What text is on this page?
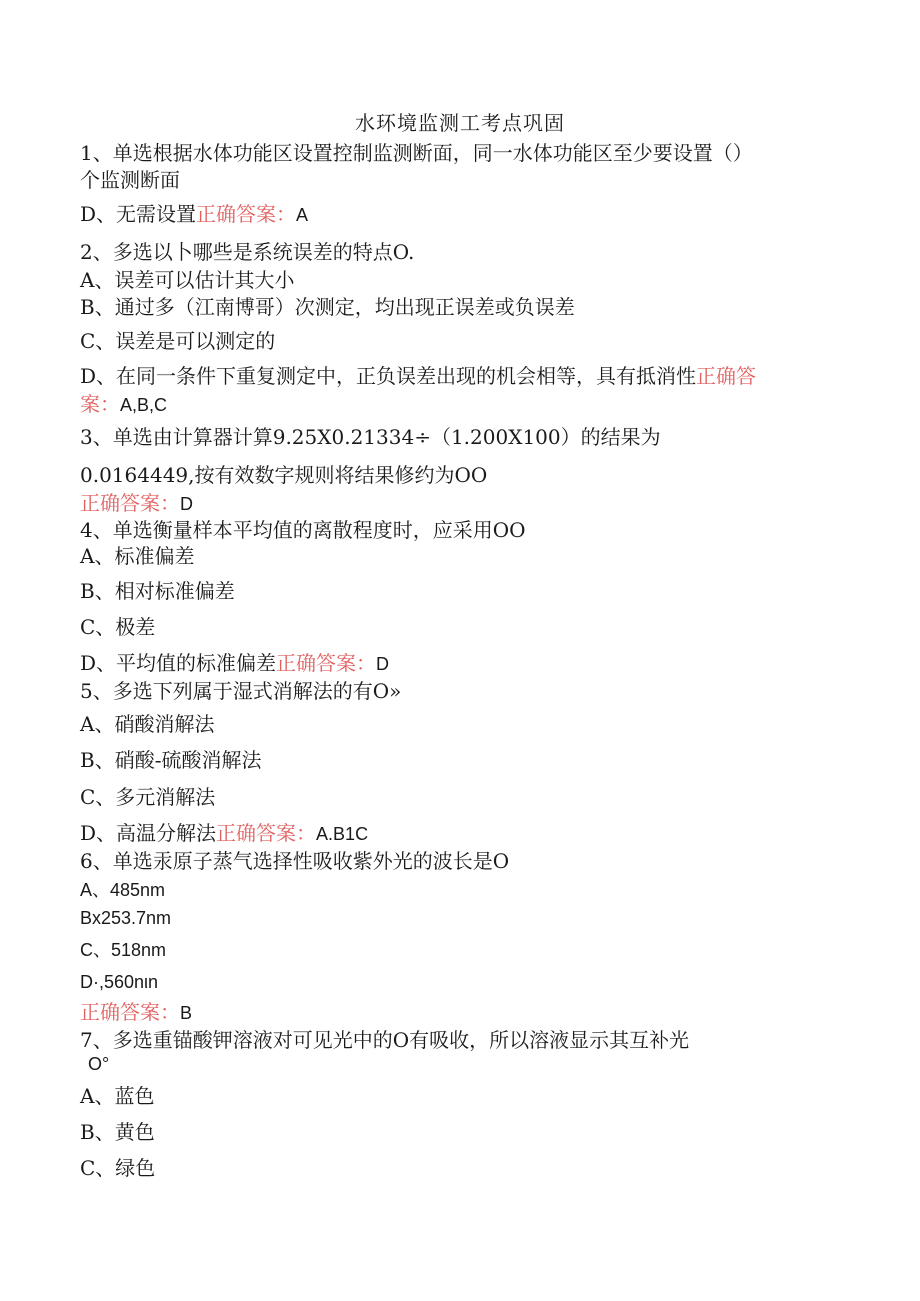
水环境监测工考点巩固
1、单选根据水体功能区设置控制监测断面，同一水体功能区至少要设置（）
个监测断面
D、无需设置正确答案：A
2、多选以卜哪些是系统误差的特点O.
A、误差可以估计其大小
B、通过多（江南博哥）次测定，均出现正误差或负误差
C、误差是可以测定的
D、在同一条件下重复测定中，正负误差出现的机会相等，具有抵消性正确答
案：A,B,C
3、单选由计算器计算9.25X0.21334÷（1.200X100）的结果为
0.0164449,按有效数字规则将结果修约为OO
正确答案：D
4、单选衡量样本平均值的离散程度时，应采用OO
A、标准偏差
B、相对标准偏差
C、极差
D、平均值的标准偏差正确答案：D
5、多选下列属于湿式消解法的有O»
A、硝酸消解法
B、硝酸-硫酸消解法
C、多元消解法
D、高温分解法正确答案：A.B1C
6、单选汞原子蒸气选择性吸收紫外光的波长是O
A、485nm
Bx253.7nm
C、518nm
D·,560nιn
正确答案：B
7、多选重锚酸钾溶液对可见光中的O有吸收，所以溶液显示其互补光
O°
A、蓝色
B、黄色
C、绿色
